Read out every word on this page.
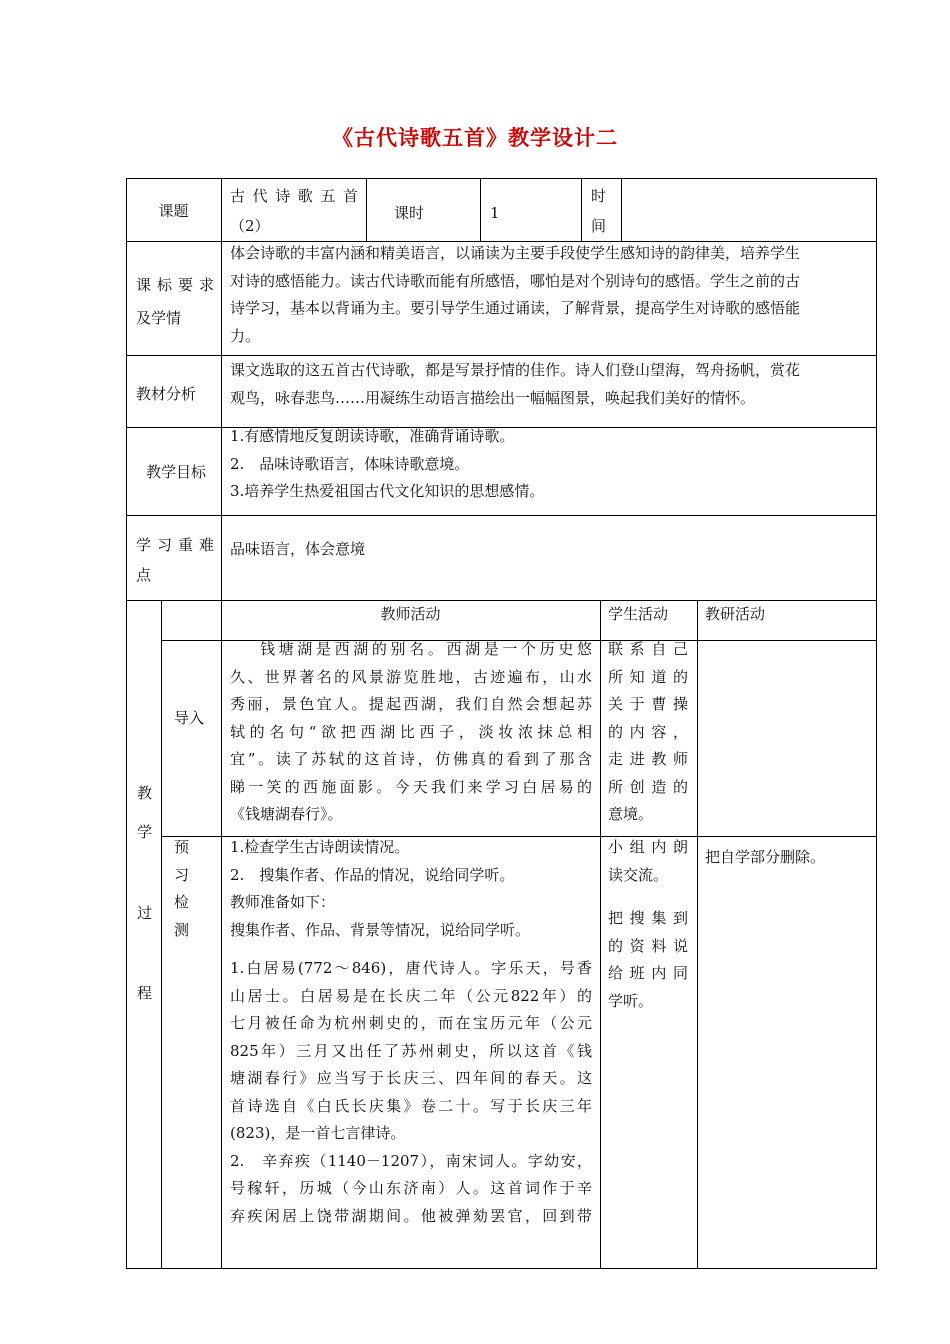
《古代诗歌五首》教学设计二
课题
古代诗歌五首
（2）
课时	1
时
间
课标要求
及学情

体会诗歌的丰富内涵和精美语言，以诵读为主要手段使学生感知诗的韵律美，培养学生

对诗的感悟能力。读古代诗歌而能有所感悟，哪怕是对个别诗句的感悟。学生之前的古

诗学习，基本以背诵为主。要引导学生通过诵读，了解背景，提高学生对诗歌的感悟能

力。

教材分析

课文选取的这五首古代诗歌，都是写景抒情的佳作。诗人们登山望海，驾舟扬帆，赏花

观鸟，咏春悲鸟……用凝练生动语言描绘出一幅幅图景，唤起我们美好的情怀。

教学目标

1.有感情地反复朗读诗歌，准确背诵诗歌。

2.　品味诗歌语言，体味诗歌意境。

3.培养学生热爱祖国古代文化知识的思想感情。

学习重难
点
品味语言，体会意境
教
学
过
程
教师活动	学生活动 教研活动
导入

钱塘湖是西湖的别名。西湖是一个历史悠

久、世界著名的风景游览胜地，古迹遍布，山水

秀丽，景色宜人。提起西湖，我们自然会想起苏

轼的名句“欲把西湖比西子，淡妆浓抹总相

宜”。读了苏轼的这首诗，仿佛真的看到了那含

睇一笑的西施面影。今天我们来学习白居易的

《钱塘湖春行》。

联系自己

所知道的

关于曹操

的内容，

走进教师

所创造的

意境。

预

习

检

测

1.检查学生古诗朗读情况。

2.　搜集作者、作品的情况，说给同学听。

教师准备如下：

搜集作者、作品、背景等情况，说给同学听。

1.白居易(772～846)，唐代诗人。字乐天，号香

山居士。白居易是在长庆二年（公元822年）的

七月被任命为杭州刺史的，而在宝历元年（公元

825年）三月又出任了苏州刺史，所以这首《钱

塘湖春行》应当写于长庆三、四年间的春天。这

首诗选自《白氏长庆集》卷二十。写于长庆三年

(823)，是一首七言律诗。

2.　辛弃疾（1140－1207），南宋词人。字幼安，

号稼轩，历城（今山东济南）人。这首词作于辛

弃疾闲居上饶带湖期间。他被弹劾罢官，回到带

小组内朗

读交流。

把搜集到

的资料说

给班内同

学听。

把自学部分删除。
